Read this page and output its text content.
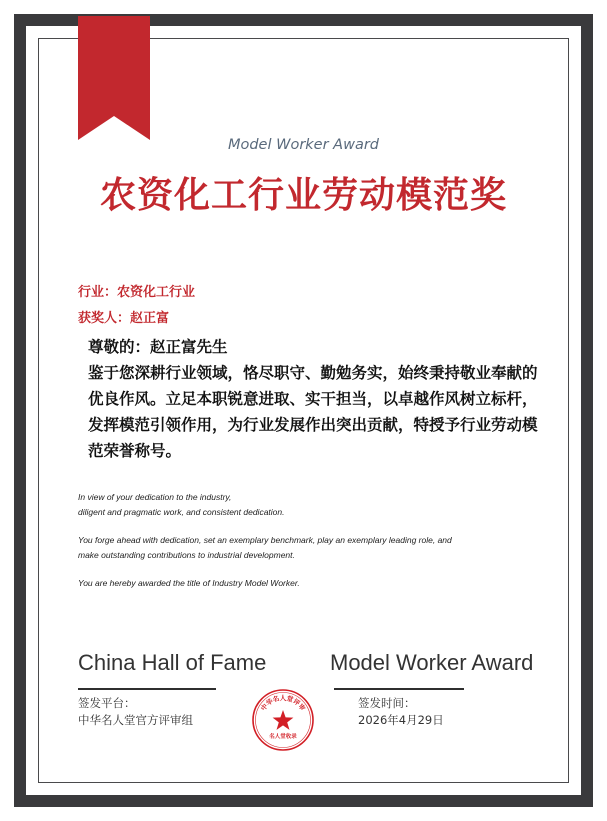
Model Worker Award
农资化工行业劳动模范奖
行业：农资化工行业
获奖人：赵正富
尊敬的：赵正富先生
鉴于您深耕行业领域，恪尽职守、勤勉务实，始终秉持敬业奉献的优良作风。立足本职锐意进取、实干担当，以卓越作风树立标杆，发挥模范引领作用，为行业发展作出突出贡献，特授予行业劳动模范荣誉称号。
In view of your dedication to the industry,
diligent and pragmatic work, and consistent dedication.
You forge ahead with dedication, set an exemplary benchmark, play an exemplary leading role, and
make outstanding contributions to industrial development.
You are hereby awarded the title of Industry Model Worker.
China Hall of Fame	Model Worker Award
签发平台：
中华名人堂官方评审组
签发时间：
2026年4月29日
中华名人堂评审
名人堂收录
